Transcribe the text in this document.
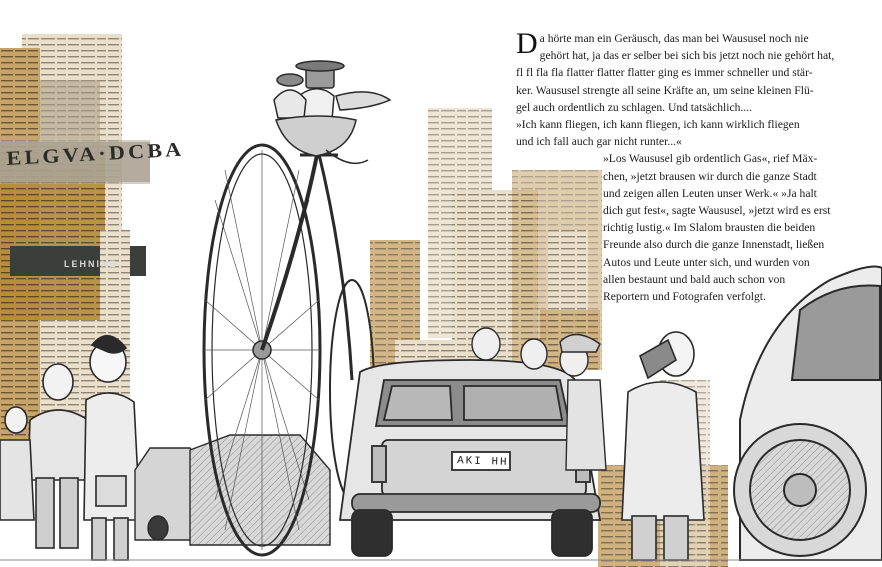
ELGVA·DCBA
LEHNINE
AKI HH

D a hörte man ein Geräusch, das man bei Waususel noch nie
gehört hat, ja das er selber bei sich bis jetzt noch nie gehört hat,
fl fl fla fla flatter flatter flatter ging es immer schneller und stär-
ker. Waususel strengte all seine Kräfte an, um seine kleinen Flü-
gel auch ordentlich zu schlagen. Und tatsächlich....
»Ich kann fliegen, ich kann fliegen, ich kann wirklich fliegen
und ich fall auch gar nicht runter...«

»Los Waususel gib ordentlich Gas«, rief Mäx-
chen, »jetzt brausen wir durch die ganze Stadt
und zeigen allen Leuten unser Werk.« »Ja halt
dich gut fest«, sagte Waususel, »jetzt wird es erst
richtig lustig.« Im Slalom brausten die beiden
Freunde also durch die ganze Innenstadt, ließen
Autos und Leute unter sich, und wurden von
allen bestaunt und bald auch schon von
Reportern und Fotografen verfolgt.
